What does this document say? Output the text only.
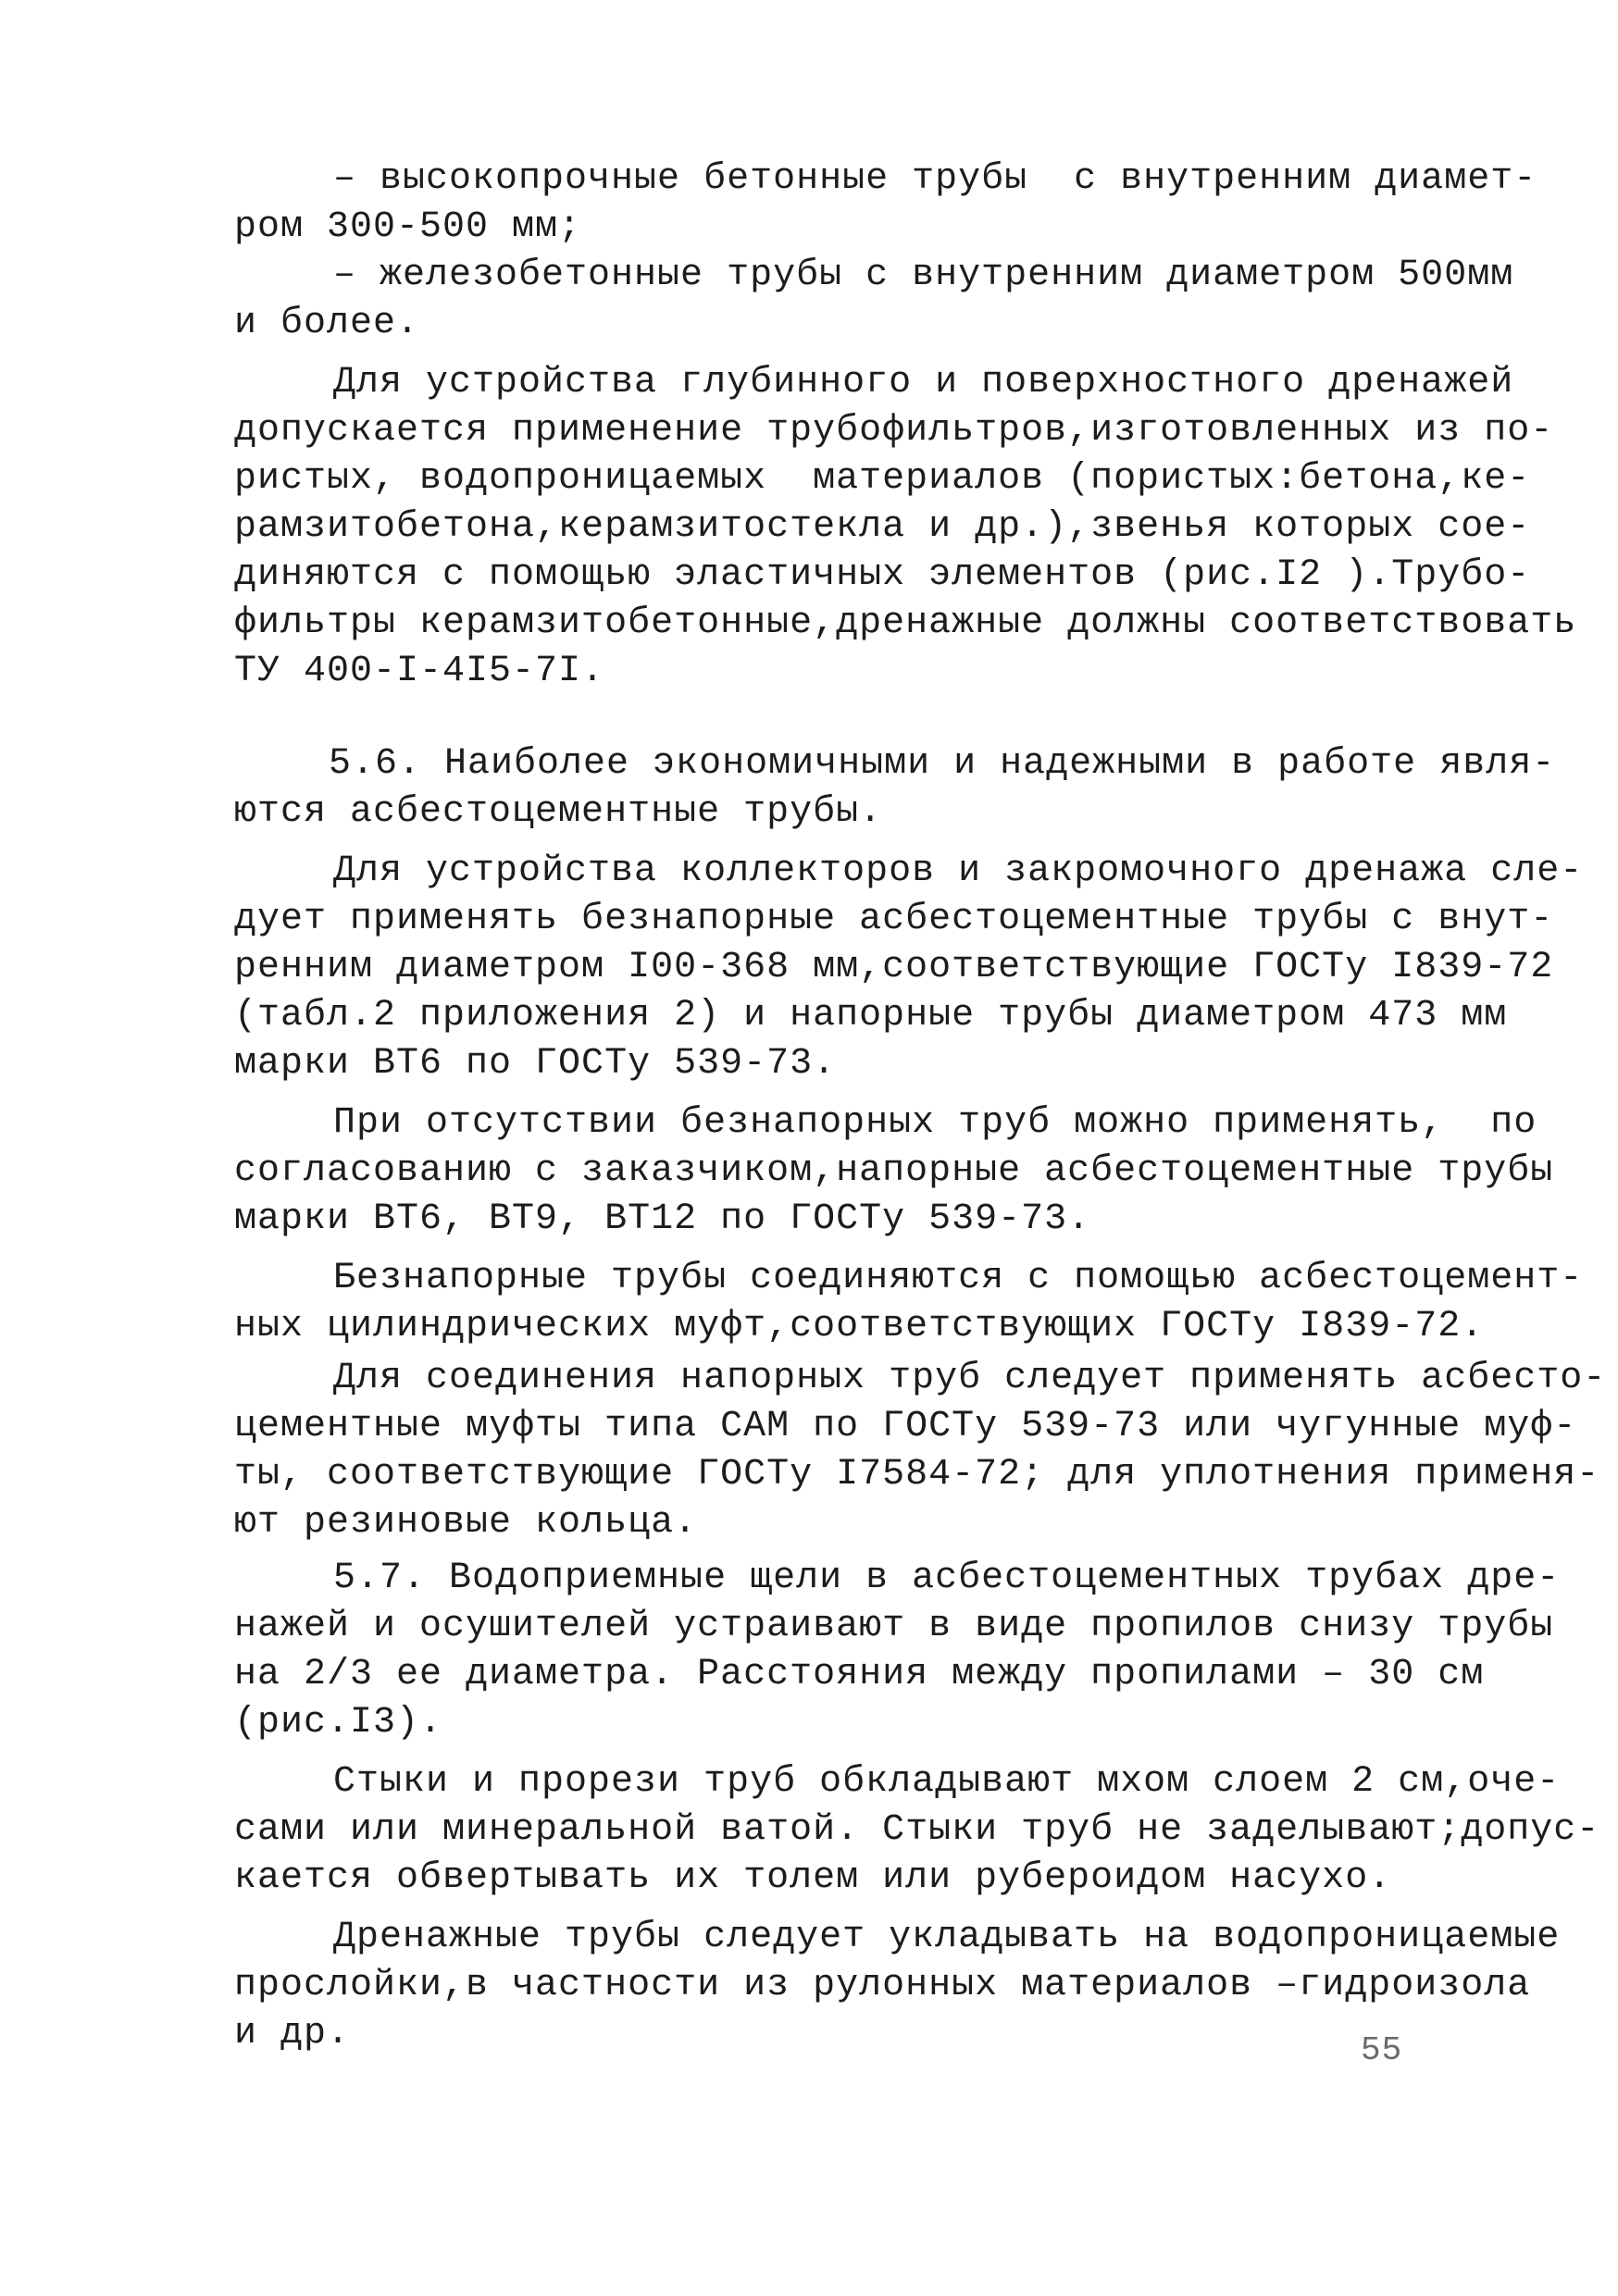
– высокопрочные бетонные трубы  с внутренним диамет-
ром 300-500 мм;
– железобетонные трубы с внутренним диаметром 500мм
и более.
Для устройства глубинного и поверхностного дренажей
допускается применение трубофильтров,изготовленных из по-
ристых, водопроницаемых  материалов (пористых:бетона,ке-
рамзитобетона,керамзитостекла и др.),звенья которых сое-
диняются с помощью эластичных элементов (рис.I2 ).Трубо-
фильтры керамзитобетонные,дренажные должны соответствовать
ТУ 400-I-4I5-7I.
5.6. Наиболее экономичными и надежными в работе явля-
ются асбестоцементные трубы.
Для устройства коллекторов и закромочного дренажа сле-
дует применять безнапорные асбестоцементные трубы с внут-
ренним диаметром I00-368 мм,соответствующие ГОСТу I839-72
(табл.2 приложения 2) и напорные трубы диаметром 473 мм
марки ВТ6 по ГОСТу 539-73.
При отсутствии безнапорных труб можно применять,  по
согласованию с заказчиком,напорные асбестоцементные трубы
марки ВТ6, ВТ9, ВТ12 по ГОСТу 539-73.
Безнапорные трубы соединяются с помощью асбестоцемент-
ных цилиндрических муфт,соответствующих ГОСТу I839-72.
Для соединения напорных труб следует применять асбесто-
цементные муфты типа САМ по ГОСТу 539-73 или чугунные муф-
ты, соответствующие ГОСТу I7584-72; для уплотнения применя-
ют резиновые кольца.
5.7. Водоприемные щели в асбестоцементных трубах дре-
нажей и осушителей устраивают в виде пропилов снизу трубы
на 2/3 ее диаметра. Расстояния между пропилами – 30 см
(рис.I3).
Стыки и прорези труб обкладывают мхом слоем 2 см,оче-
сами или минеральной ватой. Стыки труб не заделывают;допус-
кается обвертывать их толем или рубероидом насухо.
Дренажные трубы следует укладывать на водопроницаемые
прослойки,в частности из рулонных материалов –гидроизола
и др.	55
